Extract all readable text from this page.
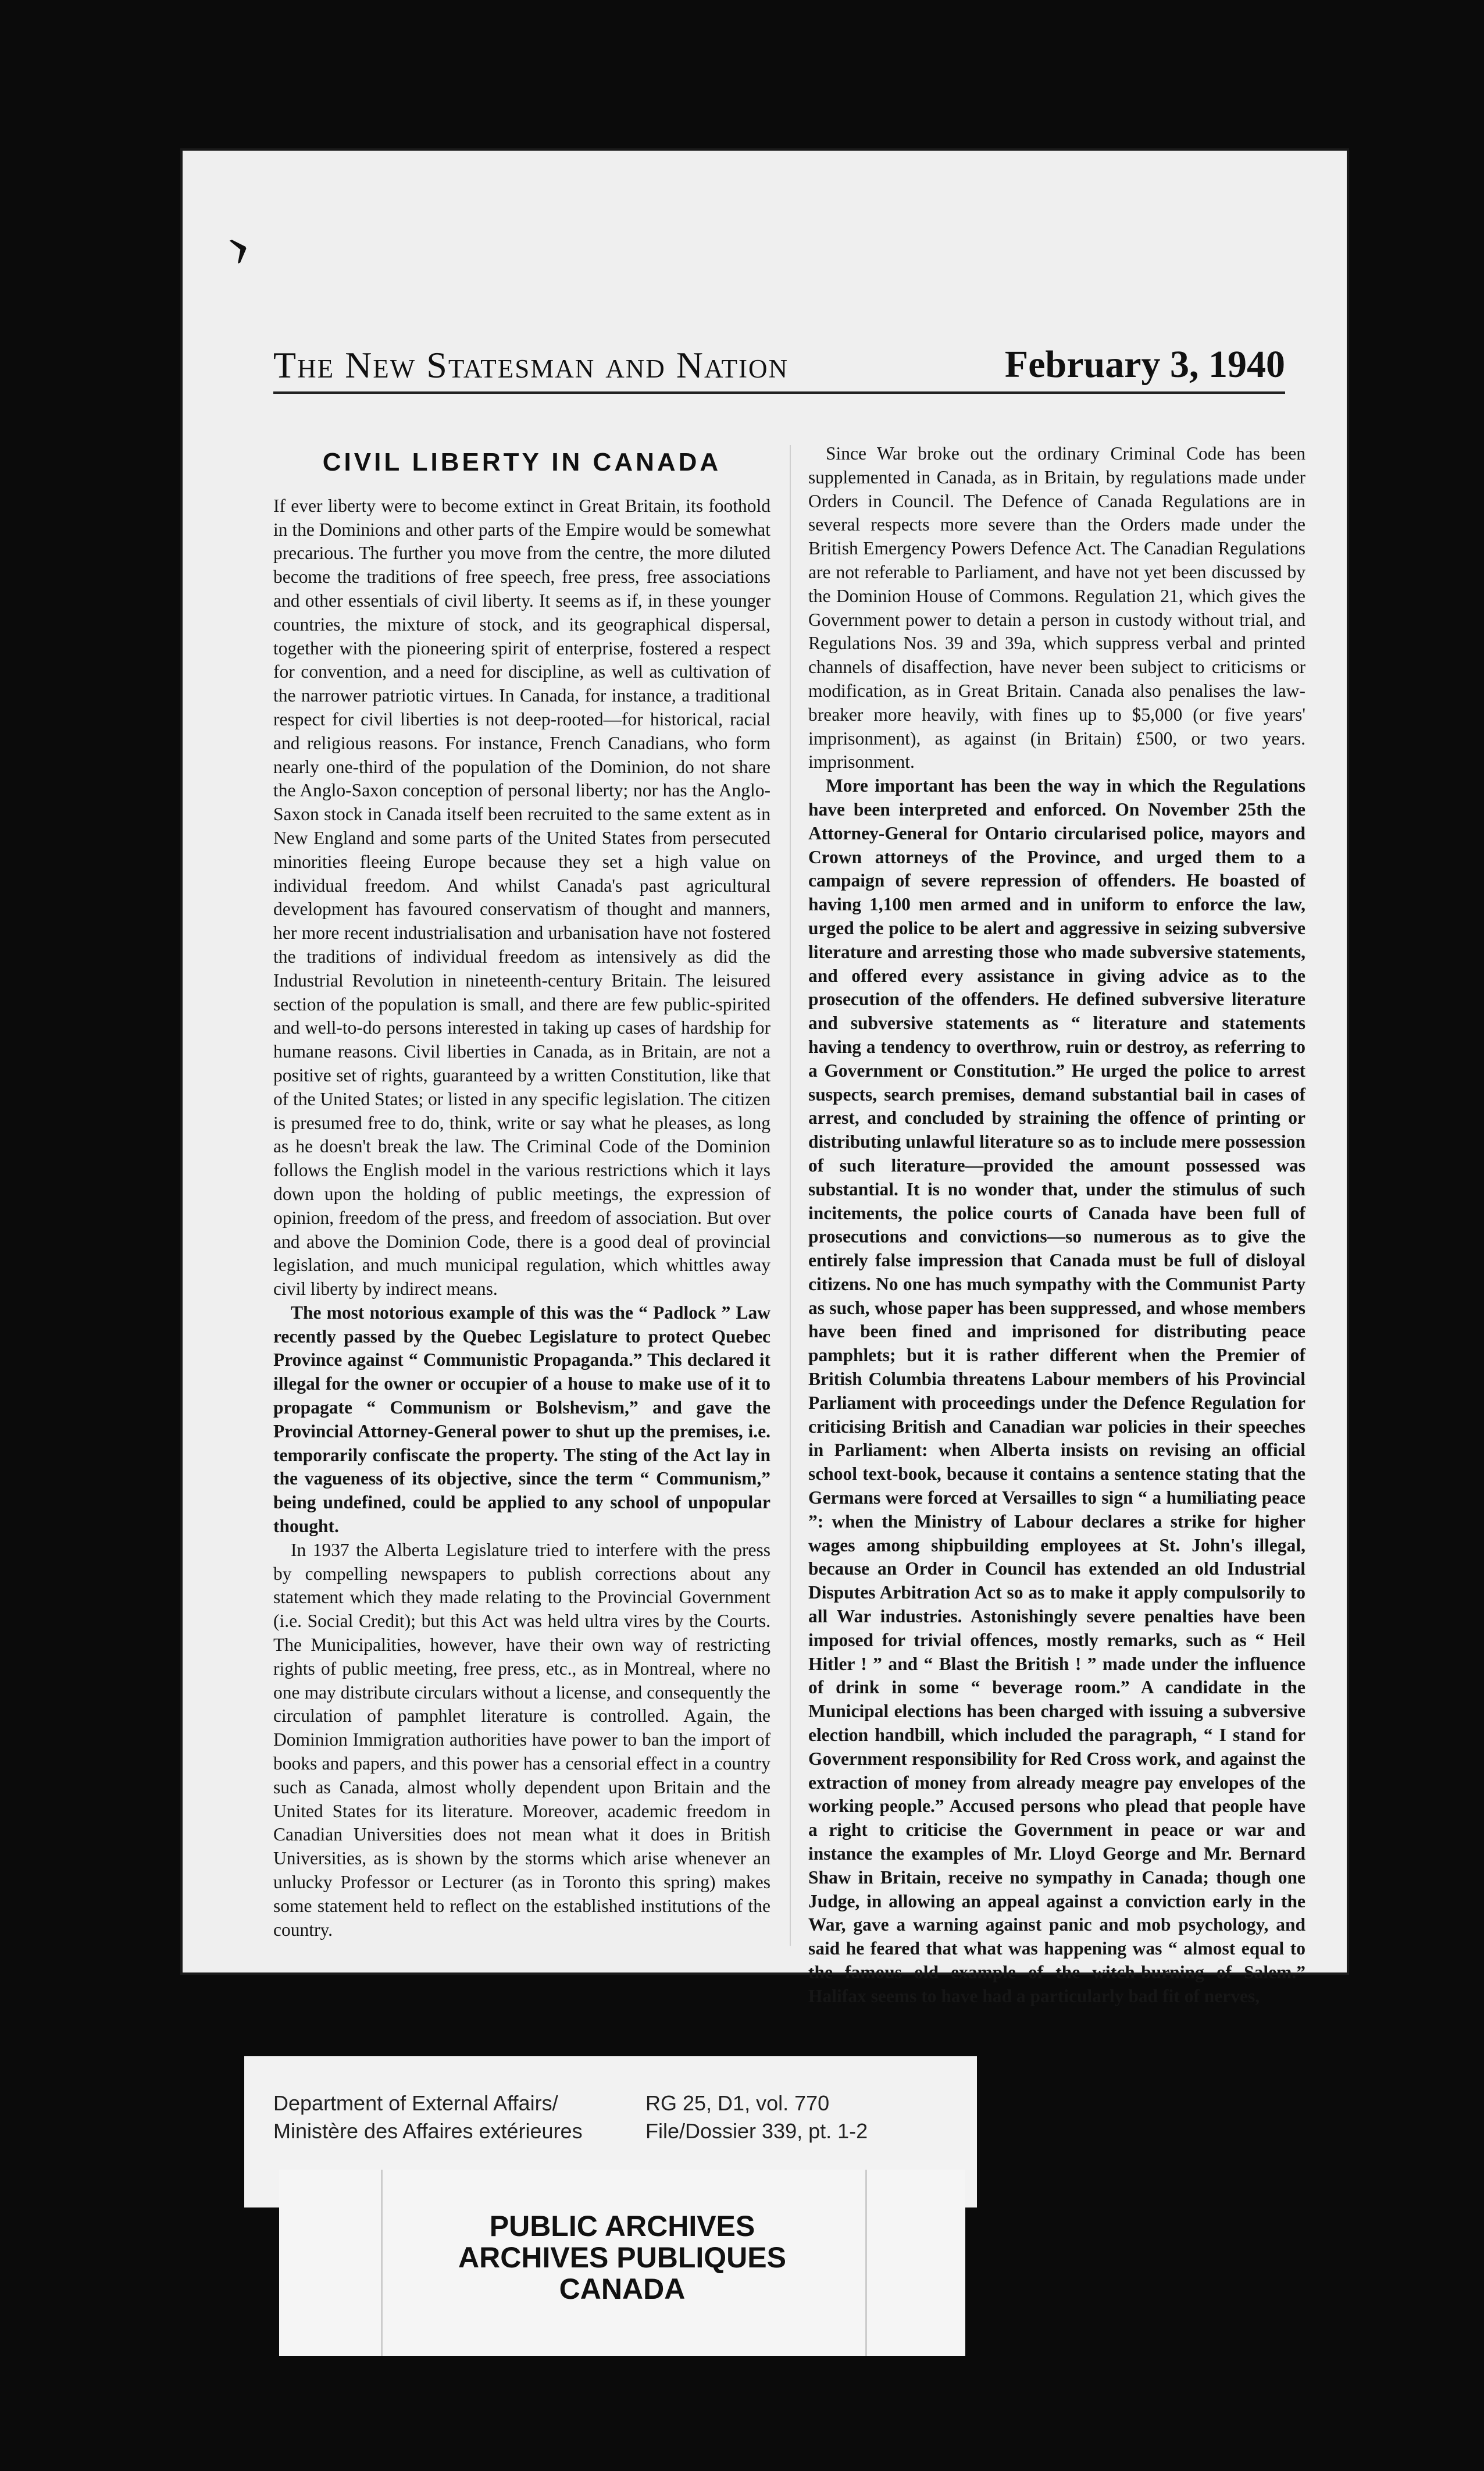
›
The New Statesman and Nation	February 3, 1940
CIVIL LIBERTY IN CANADA

If ever liberty were to become extinct in Great Britain, its foothold in the Dominions and other parts of the Empire would be somewhat precarious. The further you move from the centre, the more diluted become the traditions of free speech, free press, free associations and other essentials of civil liberty. It seems as if, in these younger countries, the mixture of stock, and its geographical dispersal, together with the pioneering spirit of enterprise, fostered a respect for convention, and a need for discipline, as well as cultivation of the narrower patriotic virtues. In Canada, for instance, a traditional respect for civil liberties is not deep-rooted—for historical, racial and religious reasons. For instance, French Canadians, who form nearly one-third of the population of the Dominion, do not share the Anglo-Saxon conception of personal liberty; nor has the Anglo-Saxon stock in Canada itself been recruited to the same extent as in New England and some parts of the United States from persecuted minorities fleeing Europe because they set a high value on individual freedom. And whilst Canada's past agricultural development has favoured conservatism of thought and manners, her more recent industrialisation and urbanisation have not fostered the traditions of individual freedom as intensively as did the Industrial Revolution in nineteenth-century Britain. The leisured section of the population is small, and there are few public-spirited and well-to-do persons interested in taking up cases of hardship for humane reasons. Civil liberties in Canada, as in Britain, are not a positive set of rights, guaranteed by a written Constitution, like that of the United States; or listed in any specific legislation. The citizen is presumed free to do, think, write or say what he pleases, as long as he doesn't break the law. The Criminal Code of the Dominion follows the English model in the various restrictions which it lays down upon the holding of public meetings, the expression of opinion, freedom of the press, and freedom of association. But over and above the Dominion Code, there is a good deal of provincial legislation, and much municipal regulation, which whittles away civil liberty by indirect means.

The most notorious example of this was the “ Padlock ” Law recently passed by the Quebec Legislature to protect Quebec Province against “ Communistic Propaganda.” This declared it illegal for the owner or occupier of a house to make use of it to propagate “ Communism or Bolshevism,” and gave the Provincial Attorney-General power to shut up the premises, i.e. temporarily confiscate the property. The sting of the Act lay in the vagueness of its objective, since the term “ Communism,” being undefined, could be applied to any school of unpopular thought.

In 1937 the Alberta Legislature tried to interfere with the press by compelling newspapers to publish corrections about any statement which they made relating to the Provincial Government (i.e. Social Credit); but this Act was held ultra vires by the Courts. The Municipalities, however, have their own way of restricting rights of public meeting, free press, etc., as in Montreal, where no one may distribute circulars without a license, and consequently the circulation of pamphlet literature is controlled. Again, the Dominion Immigration authorities have power to ban the import of books and papers, and this power has a censorial effect in a country such as Canada, almost wholly dependent upon Britain and the United States for its literature. Moreover, academic freedom in Canadian Universities does not mean what it does in British Universities, as is shown by the storms which arise whenever an unlucky Professor or Lecturer (as in Toronto this spring) makes some statement held to reflect on the established institutions of the country.

Since War broke out the ordinary Criminal Code has been supplemented in Canada, as in Britain, by regulations made under Orders in Council. The Defence of Canada Regulations are in several respects more severe than the Orders made under the British Emergency Powers Defence Act. The Canadian Regulations are not referable to Parliament, and have not yet been discussed by the Dominion House of Commons. Regulation 21, which gives the Government power to detain a person in custody without trial, and Regulations Nos. 39 and 39a, which suppress verbal and printed channels of disaffection, have never been subject to criticisms or modification, as in Great Britain. Canada also penalises the law-breaker more heavily, with fines up to $5,000 (or five years' imprisonment), as against (in Britain) £500, or two years. imprisonment.

More important has been the way in which the Regulations have been interpreted and enforced. On November 25th the Attorney-General for Ontario circularised police, mayors and Crown attorneys of the Province, and urged them to a campaign of severe repression of offenders. He boasted of having 1,100 men armed and in uniform to enforce the law, urged the police to be alert and aggressive in seizing subversive literature and arresting those who made subversive statements, and offered every assistance in giving advice as to the prosecution of the offenders. He defined subversive literature and subversive statements as “ literature and statements having a tendency to overthrow, ruin or destroy, as referring to a Government or Constitution.” He urged the police to arrest suspects, search premises, demand substantial bail in cases of arrest, and concluded by straining the offence of printing or distributing unlawful literature so as to include mere possession of such literature—provided the amount possessed was substantial. It is no wonder that, under the stimulus of such incitements, the police courts of Canada have been full of prosecutions and convictions—so numerous as to give the entirely false impression that Canada must be full of disloyal citizens. No one has much sympathy with the Communist Party as such, whose paper has been suppressed, and whose members have been fined and imprisoned for distributing peace pamphlets; but it is rather different when the Premier of British Columbia threatens Labour members of his Provincial Parliament with proceedings under the Defence Regulation for criticising British and Canadian war policies in their speeches in Parliament: when Alberta insists on revising an official school text-book, because it contains a sentence stating that the Germans were forced at Versailles to sign “ a humiliating peace ”: when the Ministry of Labour declares a strike for higher wages among shipbuilding employees at St. John's illegal, because an Order in Council has extended an old Industrial Disputes Arbitration Act so as to make it apply compulsorily to all War industries. Astonishingly severe penalties have been imposed for trivial offences, mostly remarks, such as “ Heil Hitler ! ” and “ Blast the British ! ” made under the influence of drink in some “ beverage room.” A candidate in the Municipal elections has been charged with issuing a subversive election handbill, which included the paragraph, “ I stand for Government responsibility for Red Cross work, and against the extraction of money from already meagre pay envelopes of the working people.” Accused persons who plead that people have a right to criticise the Government in peace or war and instance the examples of Mr. Lloyd George and Mr. Bernard Shaw in Britain, receive no sympathy in Canada; though one Judge, in allowing an appeal against a conviction early in the War, gave a warning against panic and mob psychology, and said he feared that what was happening was “ almost equal to the famous old example of the witch-burning of Salem.” Halifax seems to have had a particularly bad fit of nerves,

Department of External Affairs/	RG 25, D1, vol. 770
Ministère des Affaires extérieures	File/Dossier 339, pt. 1-2
PUBLIC ARCHIVES
ARCHIVES PUBLIQUES
CANADA
